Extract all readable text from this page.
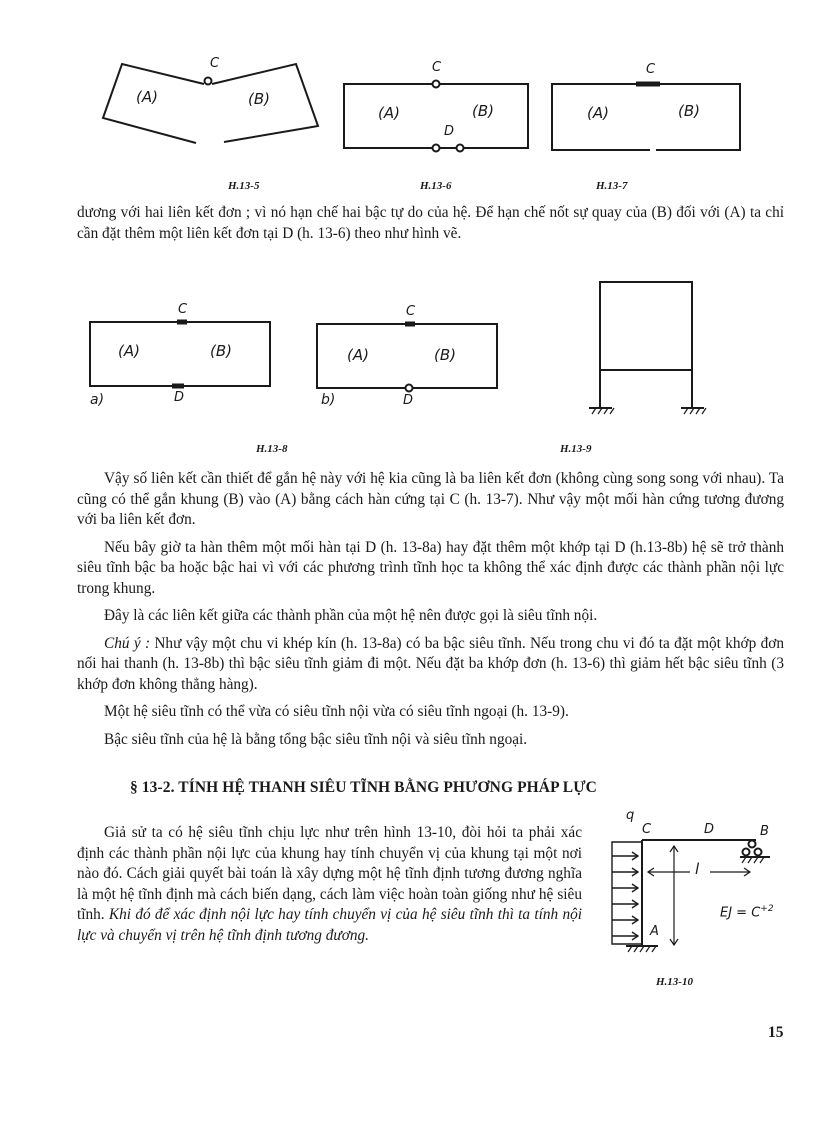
(A)	(B)
C
H.13-5
(A)	(B)
C
D
H.13-6
(A)	(B)
C
H.13-7
(A)	(B)
C
D
a)
(A)	(B)
C
D
b)
H.13-8	H.13-9
q
C	D	B
l
A
EJ = $C^{+2}$
H.13-10

dương với hai liên kết đơn ; vì nó hạn chế hai bậc tự do của hệ. Để hạn chế nốt sự quay của (B) đối với (A) ta chỉ cần đặt thêm một liên kết đơn tại D (h. 13-6) theo như hình vẽ.

Vậy số liên kết cần thiết để gắn hệ này với hệ kia cũng là ba liên kết đơn (không cùng song song với nhau). Ta cũng có thể gắn khung (B) vào (A) bằng cách hàn cứng tại C (h. 13-7). Như vậy một mối hàn cứng tương đương với ba liên kết đơn.

Nếu bây giờ ta hàn thêm một mối hàn tại D (h. 13-8a) hay đặt thêm một khớp tại D (h.13-8b) hệ sẽ trở thành siêu tĩnh bậc ba hoặc bậc hai vì với các phương trình tĩnh học ta không thể xác định được các thành phần nội lực trong khung.

Đây là các liên kết giữa các thành phần của một hệ nên được gọi là siêu tĩnh nội.

Chú ý : Như vậy một chu vi khép kín (h. 13-8a) có ba bậc siêu tĩnh. Nếu trong chu vi đó ta đặt một khớp đơn nối hai thanh (h. 13-8b) thì bậc siêu tĩnh giảm đi một. Nếu đặt ba khớp đơn (h. 13-6) thì giảm hết bậc siêu tĩnh (3 khớp đơn không thẳng hàng).

Một hệ siêu tĩnh có thể vừa có siêu tĩnh nội vừa có siêu tĩnh ngoại (h. 13-9).

Bậc siêu tĩnh của hệ là bằng tổng bậc siêu tĩnh nội và siêu tĩnh ngoại.

§ 13-2. TÍNH HỆ THANH SIÊU TĨNH BẰNG PHƯƠNG PHÁP LỰC

Giả sử ta có hệ siêu tĩnh chịu lực như trên hình 13-10, đòi hỏi ta phải xác định các thành phần nội lực của khung hay tính chuyển vị của khung tại một nơi nào đó. Cách giải quyết bài toán là xây dựng một hệ tĩnh định tương đương nghĩa là một hệ tĩnh định mà cách biến dạng, cách làm việc hoàn toàn giống như hệ siêu tĩnh. Khi đó để xác định nội lực hay tính chuyển vị của hệ siêu tĩnh thì ta tính nội lực và chuyển vị trên hệ tĩnh định tương đương.

15
